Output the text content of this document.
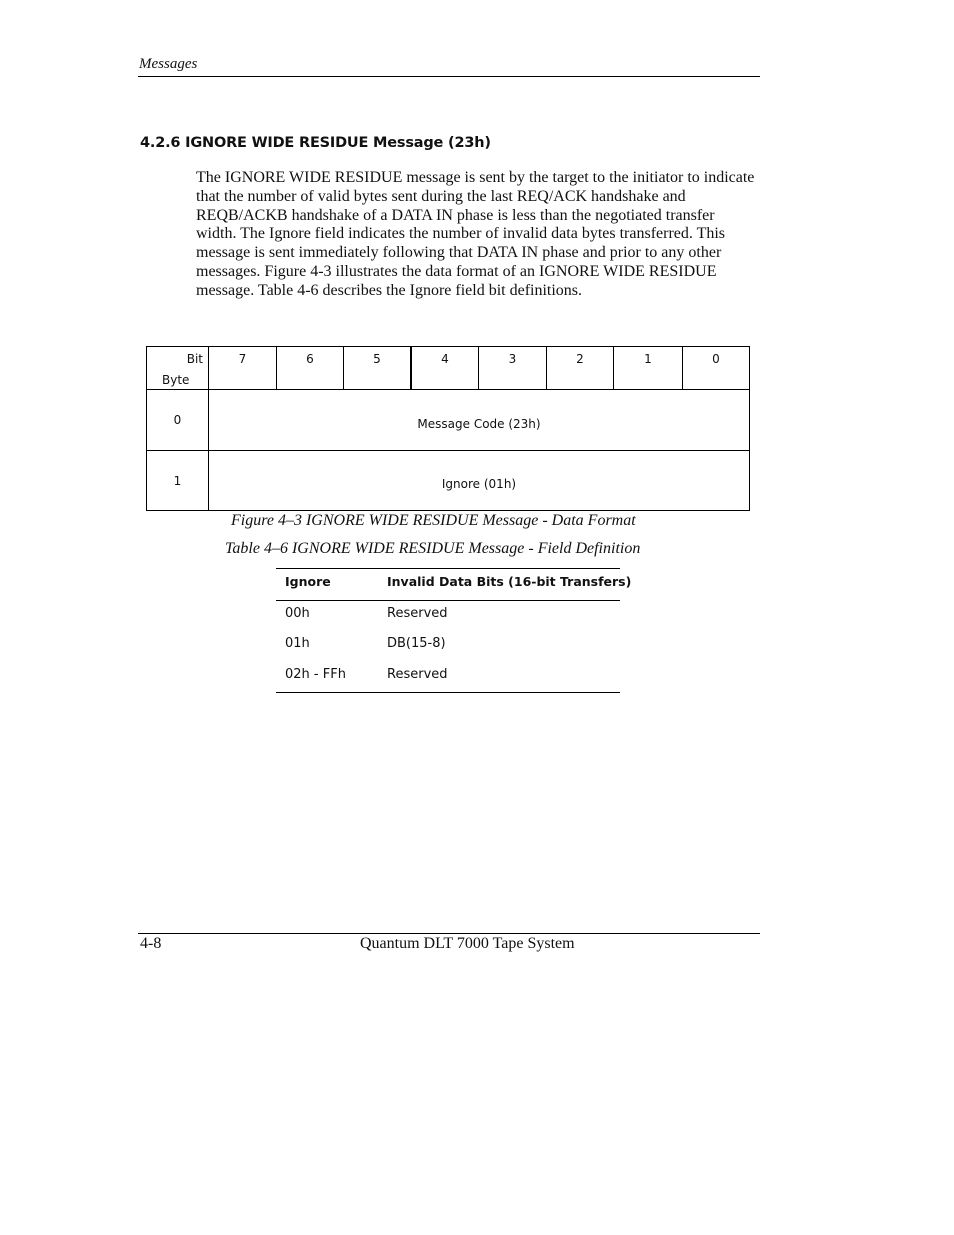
Messages
4.2.6 IGNORE WIDE RESIDUE Message (23h)

The IGNORE WIDE RESIDUE message is sent by the target to the initiator to indicate that the number of valid bytes sent during the last REQ/ACK handshake and REQB/ACKB handshake of a DATA IN phase is less than the negotiated transfer width. The Ignore field indicates the number of invalid data bytes transferred. This message is sent immediately following that DATA IN phase and prior to any other messages. Figure 4-3 illustrates the data format of an IGNORE WIDE RESIDUE message. Table 4-6 describes the Ignore field bit definitions.

Bit
Byte
7	6	5	4	3	2	1	0
0	Message Code (23h)
1	Ignore (01h)
Figure 4–3 IGNORE WIDE RESIDUE Message - Data Format
Table 4–6 IGNORE WIDE RESIDUE Message - Field Definition
Ignore	Invalid Data Bits (16-bit Transfers)
00h	Reserved
01h	DB(15-8)
02h - FFh	Reserved
4-8	Quantum DLT 7000 Tape System
